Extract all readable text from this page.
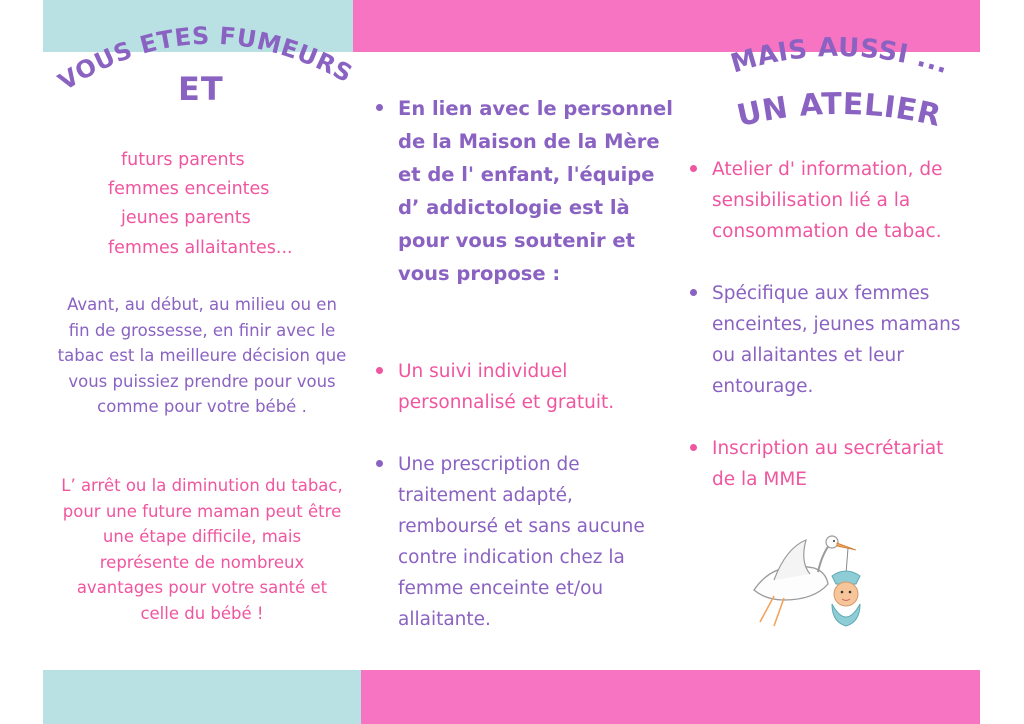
VOUS ETES FUMEURS
ET
futurs parents
femmes enceintes
jeunes parents
femmes allaitantes...

Avant, au début, au milieu ou en fin de grossesse, en finir avec le tabac est la meilleure décision que vous puissiez prendre pour vous comme pour votre bébé .

L’ arrêt ou la diminution du tabac, pour une future maman peut être une étape difficile, mais représente de nombreux avantages pour votre santé et celle du bébé !

En lien avec le personnel de la Maison de la Mère et de l' enfant, l'équipe d’ addictologie est là pour vous soutenir et vous propose :
Un suivi individuel personnalisé et gratuit.
Une prescription de traitement adapté, remboursé et sans aucune contre indication chez la femme enceinte et/ou allaitante.
MAIS AUSSI ...
UN ATELIER
Atelier d' information, de sensibilisation lié a la consommation de tabac.
Spécifique aux femmes enceintes, jeunes mamans ou allaitantes et leur entourage.
Inscription au secrétariat de la MME
